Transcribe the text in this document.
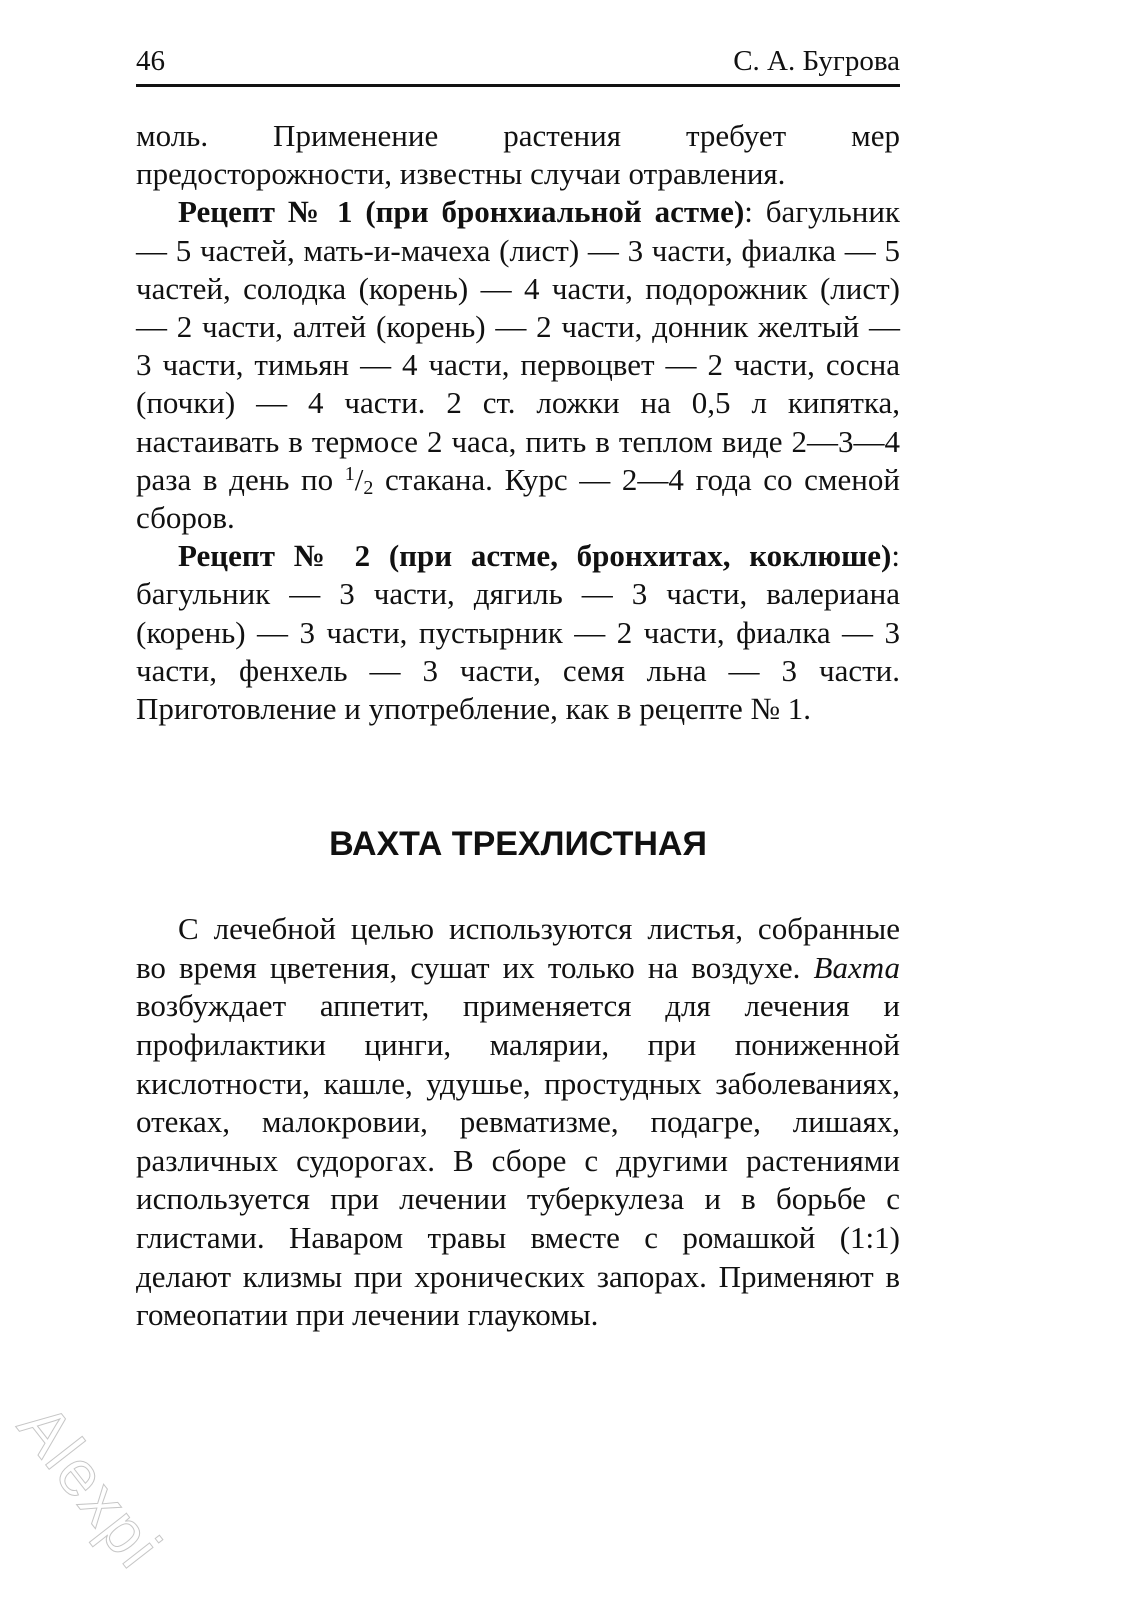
46	С. А. Бугрова

моль. Применение растения требует мер предосторожности, известны случаи отравления.

Рецепт № 1 (при бронхиальной астме): багульник — 5 частей, мать-и-мачеха (лист) — 3 части, фиалка — 5 частей, солодка (корень) — 4 части, подорожник (лист) — 2 части, алтей (корень) — 2 части, донник желтый — 3 части, тимьян — 4 части, первоцвет — 2 части, сосна (почки) — 4 части. 2 ст. ложки на 0,5 л кипятка, настаивать в термосе 2 часа, пить в теплом виде 2—3—4 раза в день по $^1/_2$ стакана. Курс — 2—4 года со сменой сборов.

Рецепт № 2 (при астме, бронхитах, коклюше): багульник — 3 части, дягиль — 3 части, валериана (корень) — 3 части, пустырник — 2 части, фиалка — 3 части, фенхель — 3 части, семя льна — 3 части. Приготовление и употребление, как в рецепте № 1.

ВАХТА ТРЕХЛИСТНАЯ

С лечебной целью используются листья, собранные во время цветения, сушат их только на воздухе. Вахта возбуждает аппетит, применяется для лечения и профилактики цинги, малярии, при пониженной кислотности, кашле, удушье, простудных заболеваниях, отеках, малокровии, ревматизме, подагре, лишаях, различных судорогах. В сборе с другими растениями используется при лечении туберкулеза и в борьбе с глистами. Наваром травы вместе с ромашкой (1:1) делают клизмы при хронических запорах. Применяют в гомеопатии при лечении глаукомы.

Alexpi
